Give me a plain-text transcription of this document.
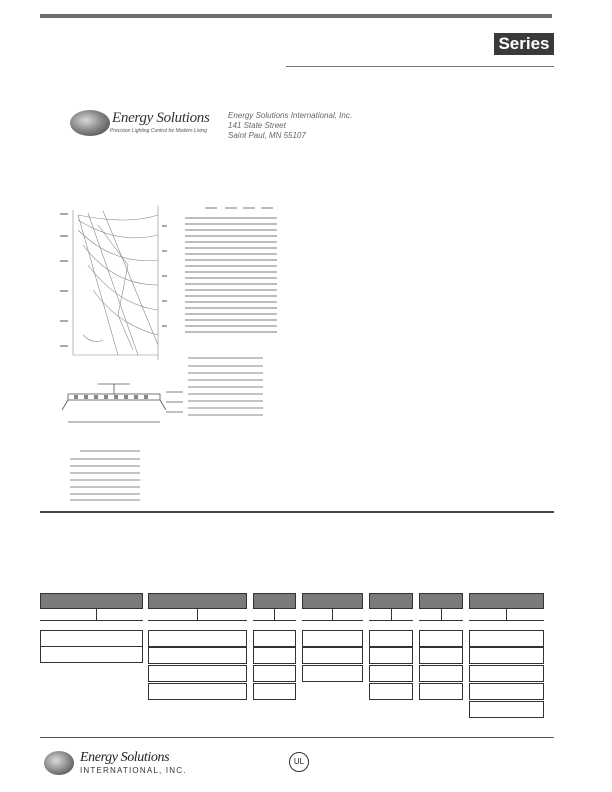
Series
Energy Solutions
Precision Lighting Control for Modern Living
Energy Solutions International, Inc.
141 State Street
Saint Paul, MN 55107
Energy Solutions
INTERNATIONAL, INC.
UL
